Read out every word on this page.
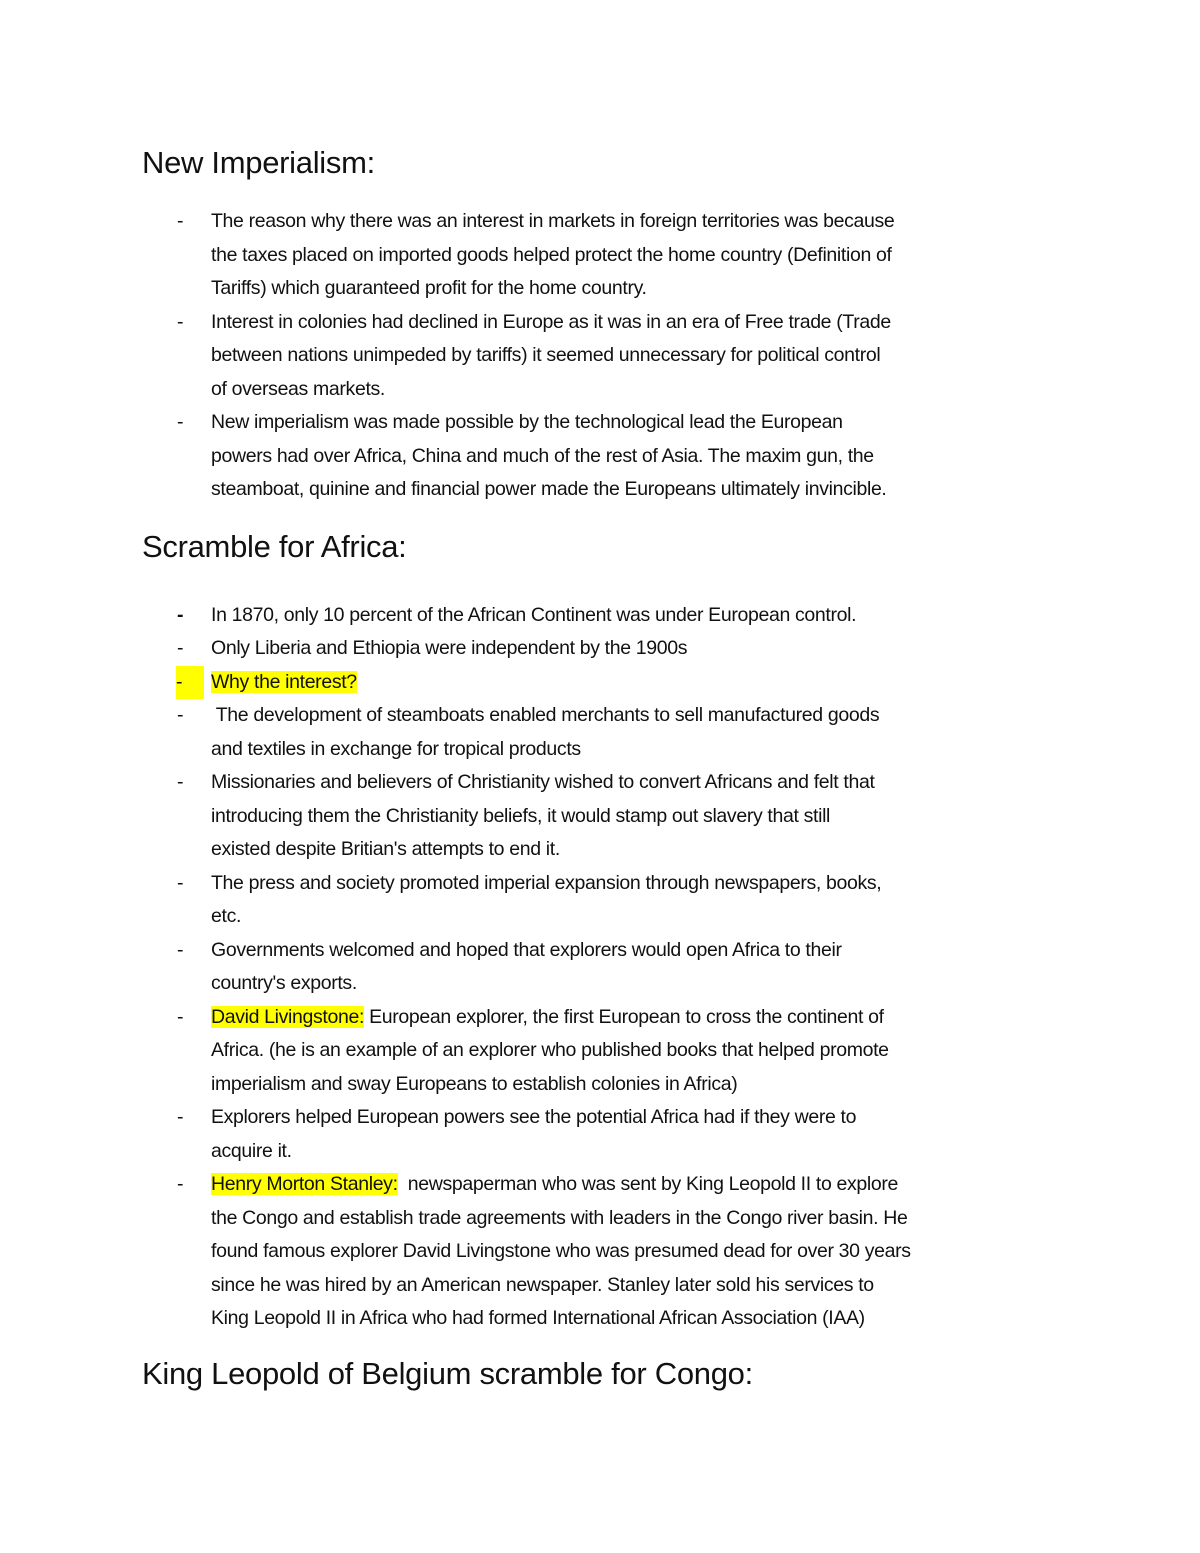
New Imperialism:
- The reason why there was an interest in markets in foreign territories was because
the taxes placed on imported goods helped protect the home country (Definition of
Tariffs) which guaranteed profit for the home country.
- Interest in colonies had declined in Europe as it was in an era of Free trade (Trade
between nations unimpeded by tariffs) it seemed unnecessary for political control
of overseas markets.
- New imperialism was made possible by the technological lead the European
powers had over Africa, China and much of the rest of Asia. The maxim gun, the
steamboat, quinine and financial power made the Europeans ultimately invincible.
Scramble for Africa:
- In 1870, only 10 percent of the African Continent was under European control.
- Only Liberia and Ethiopia were independent by the 1900s
-	Why the interest?
- The development of steamboats enabled merchants to sell manufactured goods
and textiles in exchange for tropical products
- Missionaries and believers of Christianity wished to convert Africans and felt that
introducing them the Christianity beliefs, it would stamp out slavery that still
existed despite Britian's attempts to end it.
- The press and society promoted imperial expansion through newspapers, books,
etc.
- Governments welcomed and hoped that explorers would open Africa to their
country's exports.
- David Livingstone: European explorer, the first European to cross the continent of
Africa. (he is an example of an explorer who published books that helped promote
imperialism and sway Europeans to establish colonies in Africa)
- Explorers helped European powers see the potential Africa had if they were to
acquire it.
- Henry Morton Stanley:  newspaperman who was sent by King Leopold II to explore
the Congo and establish trade agreements with leaders in the Congo river basin. He
found famous explorer David Livingstone who was presumed dead for over 30 years
since he was hired by an American newspaper. Stanley later sold his services to
King Leopold II in Africa who had formed International African Association (IAA)
King Leopold of Belgium scramble for Congo:
